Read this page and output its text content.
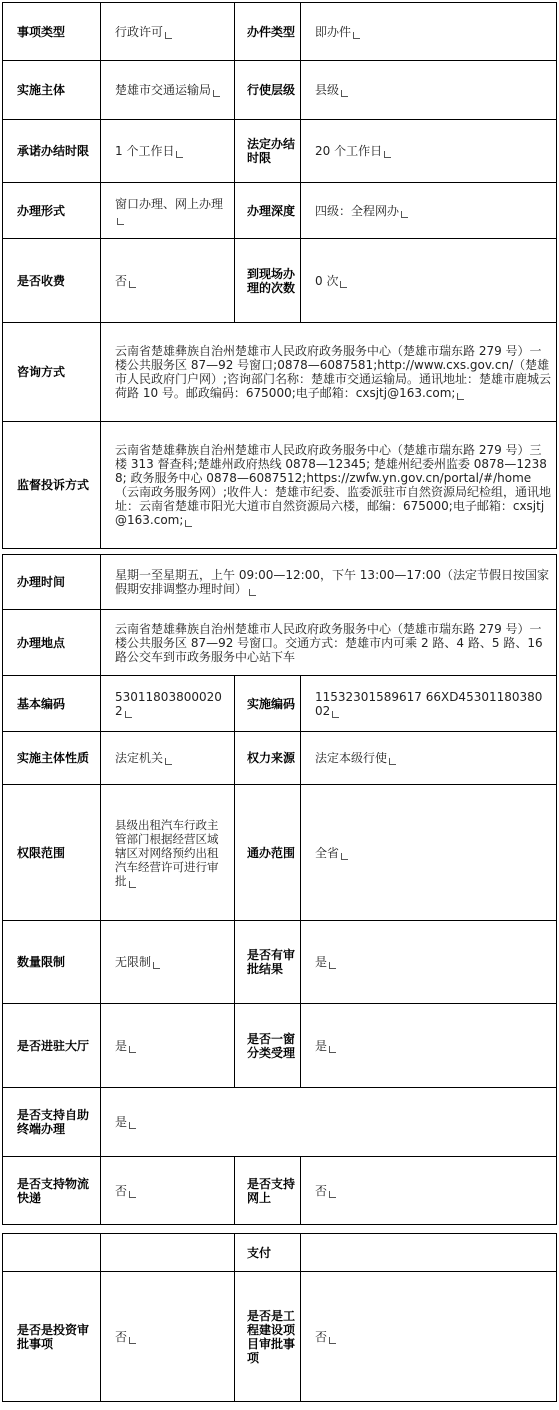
事项类型	行政许可	办件类型	即办件
实施主体	楚雄市交通运输局	行使层级	县级
承诺办结时限	1 个工作日	法定办结时限	20 个工作日
办理形式	窗口办理、网上办理	办理深度	四级：全程网办
是否收费	否	到现场办理的次数	0 次
咨询方式	云南省楚雄彝族自治州楚雄市人民政府政务服务中心（楚雄市瑞东路 279 号）一楼公共服务区 87—92 号窗口;0878—6087581;http://www.cxs.gov.cn/（楚雄市人民政府门户网）;咨询部门名称：楚雄市交通运输局。通讯地址：楚雄市鹿城云荷路 10 号。邮政编码：675000;电子邮箱：cxsjtj@163.com;		
监督投诉方式	云南省楚雄彝族自治州楚雄市人民政府政务服务中心（楚雄市瑞东路 279 号）三楼 313 督查科;楚雄州政府热线 0878—12345; 楚雄州纪委州监委 0878—12388; 政务服务中心 0878—6087512;https://zwfw.yn.gov.cn/portal/#/home（云南政务服务网）;收件人：楚雄市纪委、监委派驻市自然资源局纪检组，通讯地址：云南省楚雄市阳光大道市自然资源局六楼，邮编：675000;电子邮箱：cxsjtj@163.com;		
办理时间	星期一至星期五，上午 09:00—12:00，下午 13:00—17:00（法定节假日按国家假期安排调整办理时间）		
办理地点	云南省楚雄彝族自治州楚雄市人民政府政务服务中心（楚雄市瑞东路 279 号）一楼公共服务区 87—92 号窗口。交通方式：楚雄市内可乘 2 路、4 路、5 路、16 路公交车到市政务服务中心站下车		
基本编码	530118038000202	实施编码	11532301589617 66XD45301180380 02
实施主体性质	法定机关	权力来源	法定本级行使
权限范围	县级出租汽车行政主管部门根据经营区域辖区对网络预约出租汽车经营许可进行审批	通办范围	全省
数量限制	无限制	是否有审批结果	是
是否进驻大厅	是	是否一窗分类受理	是
是否支持自助终端办理	是		
是否支持物流快递	否	是否支持网上	否
		支付	
是否是投资审批事项	否	是否是工程建设项目审批事项	否
